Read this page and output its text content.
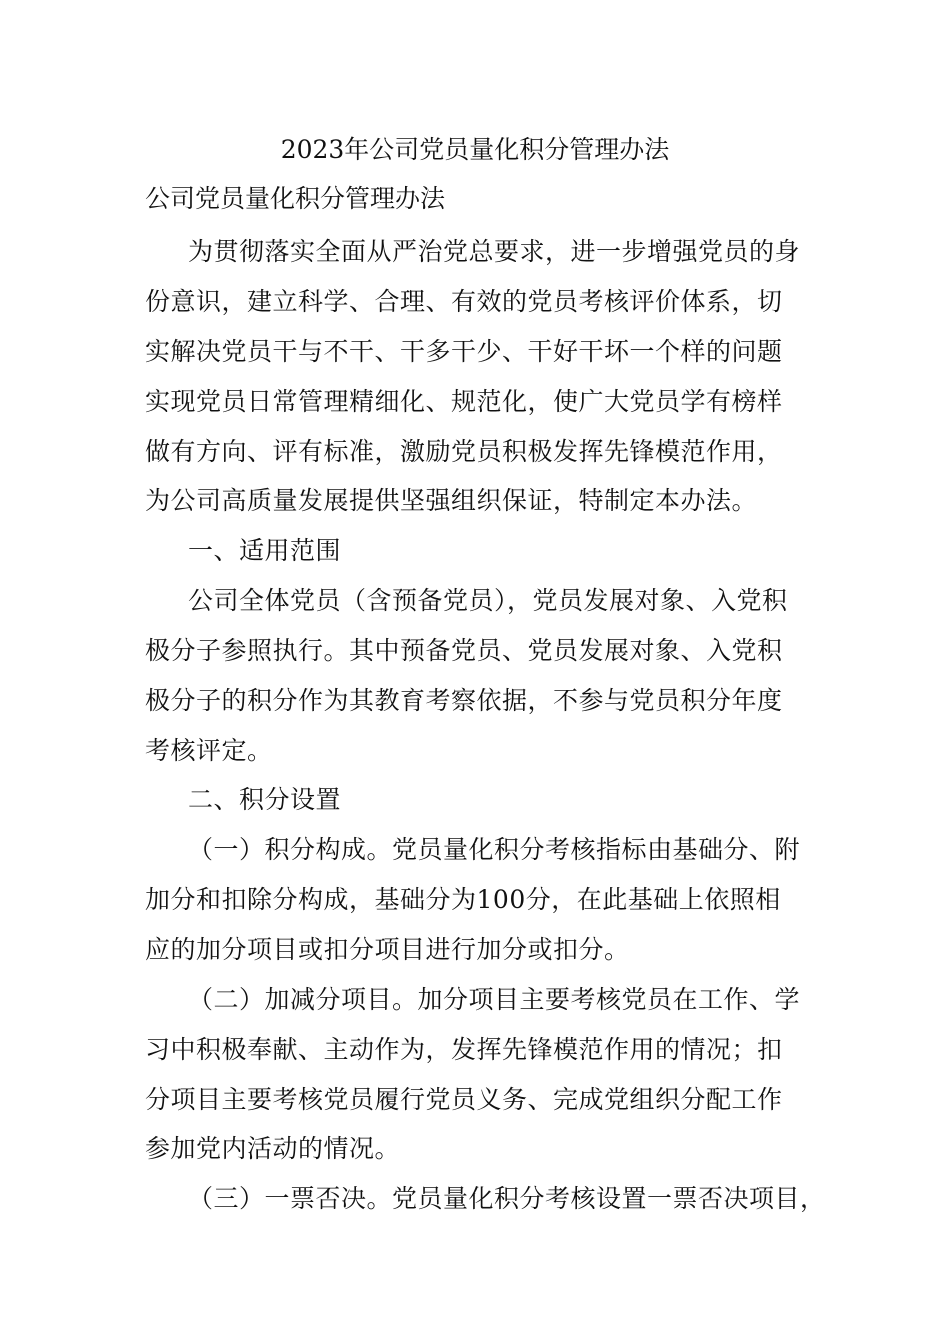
2023年公司党员量化积分管理办法

公司党员量化积分管理办法

为贯彻落实全面从严治党总要求，进一步增强党员的身

份意识，建立科学、合理、有效的党员考核评价体系，切

实解决党员干与不干、干多干少、干好干坏一个样的问题

实现党员日常管理精细化、规范化，使广大党员学有榜样

做有方向、评有标准，激励党员积极发挥先锋模范作用，

为公司高质量发展提供坚强组织保证，特制定本办法。

一、适用范围

公司全体党员（含预备党员），党员发展对象、入党积

极分子参照执行。其中预备党员、党员发展对象、入党积

极分子的积分作为其教育考察依据，不参与党员积分年度

考核评定。

二、积分设置

（一）积分构成。党员量化积分考核指标由基础分、附

加分和扣除分构成，基础分为100分，在此基础上依照相

应的加分项目或扣分项目进行加分或扣分。

（二）加减分项目。加分项目主要考核党员在工作、学

习中积极奉献、主动作为，发挥先锋模范作用的情况；扣

分项目主要考核党员履行党员义务、完成党组织分配工作

参加党内活动的情况。

（三）一票否决。党员量化积分考核设置一票否决项目，
